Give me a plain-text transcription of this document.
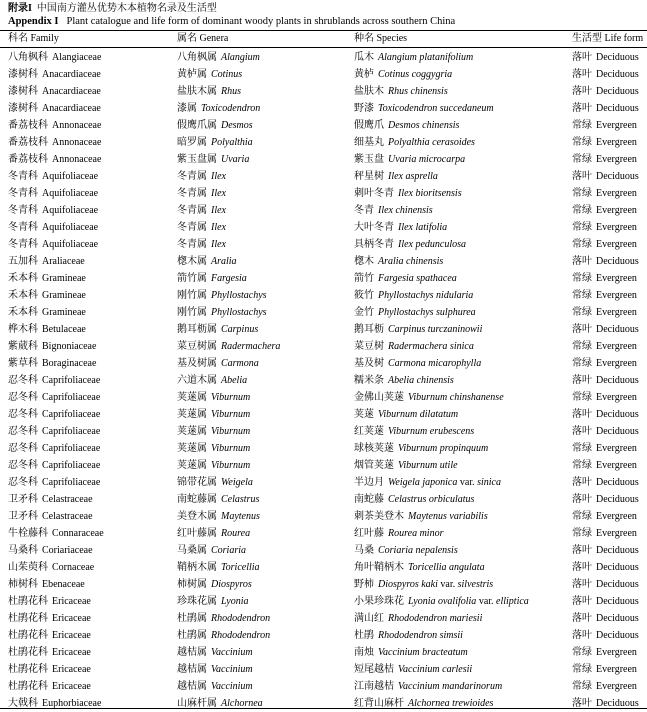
附录I 中国南方灌丛优势木本植物名录及生活型
Appendix I Plant catalogue and life form of dominant woody plants in shrublands across southern China
科名 Family	属名 Genera	种名 Species	生活型 Life form
八角枫科 Alangiaceae	八角枫属 Alangium	瓜木 Alangium platanifolium	落叶 Deciduous
漆树科 Anacardiaceae	黄栌属 Cotinus	黄栌 Cotinus coggygria	落叶 Deciduous
漆树科 Anacardiaceae	盐肤木属 Rhus	盐肤木 Rhus chinensis	落叶 Deciduous
漆树科 Anacardiaceae	漆属 Toxicodendron	野漆 Toxicodendron succedaneum	落叶 Deciduous
番荔枝科 Annonaceae	假鹰爪属 Desmos	假鹰爪 Desmos chinensis	常绿 Evergreen
番荔枝科 Annonaceae	暗罗属 Polyalthia	细基丸 Polyalthia cerasoides	常绿 Evergreen
番荔枝科 Annonaceae	紫玉盘属 Uvaria	紫玉盘 Uvaria microcarpa	常绿 Evergreen
冬青科 Aquifoliaceae	冬青属 Ilex	秤星树 Ilex asprella	落叶 Deciduous
冬青科 Aquifoliaceae	冬青属 Ilex	刺叶冬青 Ilex bioritsensis	常绿 Evergreen
冬青科 Aquifoliaceae	冬青属 Ilex	冬青 Ilex chinensis	常绿 Evergreen
冬青科 Aquifoliaceae	冬青属 Ilex	大叶冬青 Ilex latifolia	常绿 Evergreen
冬青科 Aquifoliaceae	冬青属 Ilex	具柄冬青 Ilex pedunculosa	常绿 Evergreen
五加科 Araliaceae	楤木属 Aralia	楤木 Aralia chinensis	落叶 Deciduous
禾本科 Gramineae	箭竹属 Fargesia	箭竹 Fargesia spathacea	常绿 Evergreen
禾本科 Gramineae	刚竹属 Phyllostachys	筱竹 Phyllostachys nidularia	常绿 Evergreen
禾本科 Gramineae	刚竹属 Phyllostachys	金竹 Phyllostachys sulphurea	常绿 Evergreen
桦木科 Betulaceae	鹅耳枥属 Carpinus	鹅耳枥 Carpinus turczaninowii	落叶 Deciduous
紫葳科 Bignoniaceae	菜豆树属 Radermachera	菜豆树 Radermachera sinica	常绿 Evergreen
紫草科 Boraginaceae	基及树属 Carmona	基及树 Carmona micarophylla	常绿 Evergreen
忍冬科 Caprifoliaceae	六道木属 Abelia	糯米条 Abelia chinensis	落叶 Deciduous
忍冬科 Caprifoliaceae	荚蒾属 Viburnum	金佛山荚蒾 Viburnum chinshanense	常绿 Evergreen
忍冬科 Caprifoliaceae	荚蒾属 Viburnum	荚蒾 Viburnum dilatatum	落叶 Deciduous
忍冬科 Caprifoliaceae	荚蒾属 Viburnum	红荚蒾 Viburnum erubescens	落叶 Deciduous
忍冬科 Caprifoliaceae	荚蒾属 Viburnum	球核荚蒾 Viburnum propinquum	常绿 Evergreen
忍冬科 Caprifoliaceae	荚蒾属 Viburnum	烟管荚蒾 Viburnum utile	常绿 Evergreen
忍冬科 Caprifoliaceae	锦带花属 Weigela	半边月 Weigela japonica var. sinica	落叶 Deciduous
卫矛科 Celastraceae	南蛇藤属 Celastrus	南蛇藤 Celastrus orbiculatus	落叶 Deciduous
卫矛科 Celastraceae	美登木属 Maytenus	刺茶美登木 Maytenus variabilis	常绿 Evergreen
牛栓藤科 Connaraceae	红叶藤属 Rourea	红叶藤 Rourea minor	常绿 Evergreen
马桑科 Coriariaceae	马桑属 Coriaria	马桑 Coriaria nepalensis	落叶 Deciduous
山茱萸科 Cornaceae	鞘柄木属 Toricellia	角叶鞘柄木 Toricellia angulata	落叶 Deciduous
柿树科 Ebenaceae	柿树属 Diospyros	野柿 Diospyros kaki var. silvestris	落叶 Deciduous
杜鹃花科 Ericaceae	珍珠花属 Lyonia	小果珍珠花 Lyonia ovalifolia var. elliptica	落叶 Deciduous
杜鹃花科 Ericaceae	杜鹃属 Rhododendron	满山红 Rhododendron mariesii	落叶 Deciduous
杜鹃花科 Ericaceae	杜鹃属 Rhododendron	杜鹃 Rhododendron simsii	落叶 Deciduous
杜鹃花科 Ericaceae	越桔属 Vaccinium	南烛 Vaccinium bracteatum	常绿 Evergreen
杜鹃花科 Ericaceae	越桔属 Vaccinium	短尾越桔 Vaccinium carlesii	常绿 Evergreen
杜鹃花科 Ericaceae	越桔属 Vaccinium	江南越桔 Vaccinium mandarinorum	常绿 Evergreen
大戟科 Euphorbiaceae	山麻杆属 Alchornea	红背山麻杆 Alchornea trewioides	落叶 Deciduous
